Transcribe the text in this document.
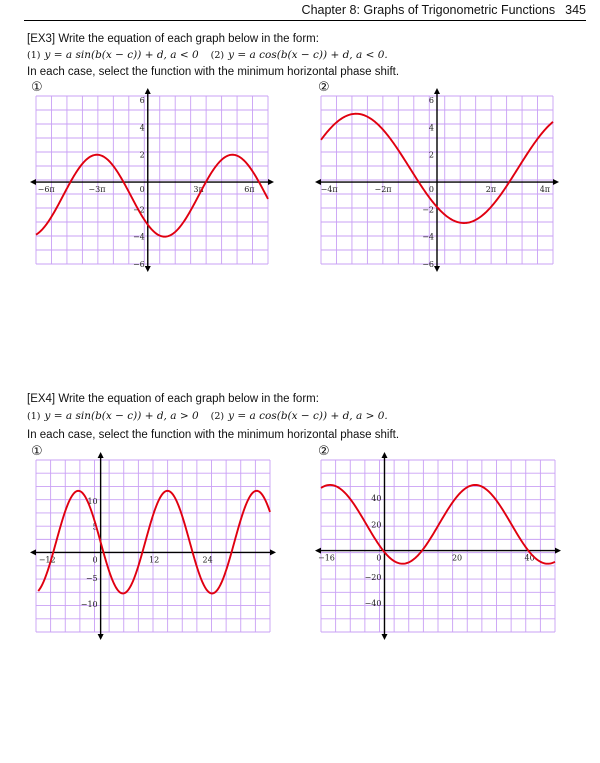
Chapter 8: Graphs of Trigonometric Functions 345
[EX3] Write the equation of each graph below in the form:
(1) y = a sin(b(x − c)) + d, a < 0 (2) y = a cos(b(x − c)) + d, a < 0.
In each case, select the function with the minimum horizontal phase shift.
①	②
−6π	−3π	0	3π	6π
−6
−4
−2
2
4
6
−4π	−2π	0	2π	4π
−6
−4
−2
2
4
6
[EX4] Write the equation of each graph below in the form:
(1) y = a sin(b(x − c)) + d, a > 0 (2) y = a cos(b(x − c)) + d, a > 0.
In each case, select the function with the minimum horizontal phase shift.
①	②
−12	0	12	24
−10
−5
5
10
−16	0	20	40
−40
−20
20
40
